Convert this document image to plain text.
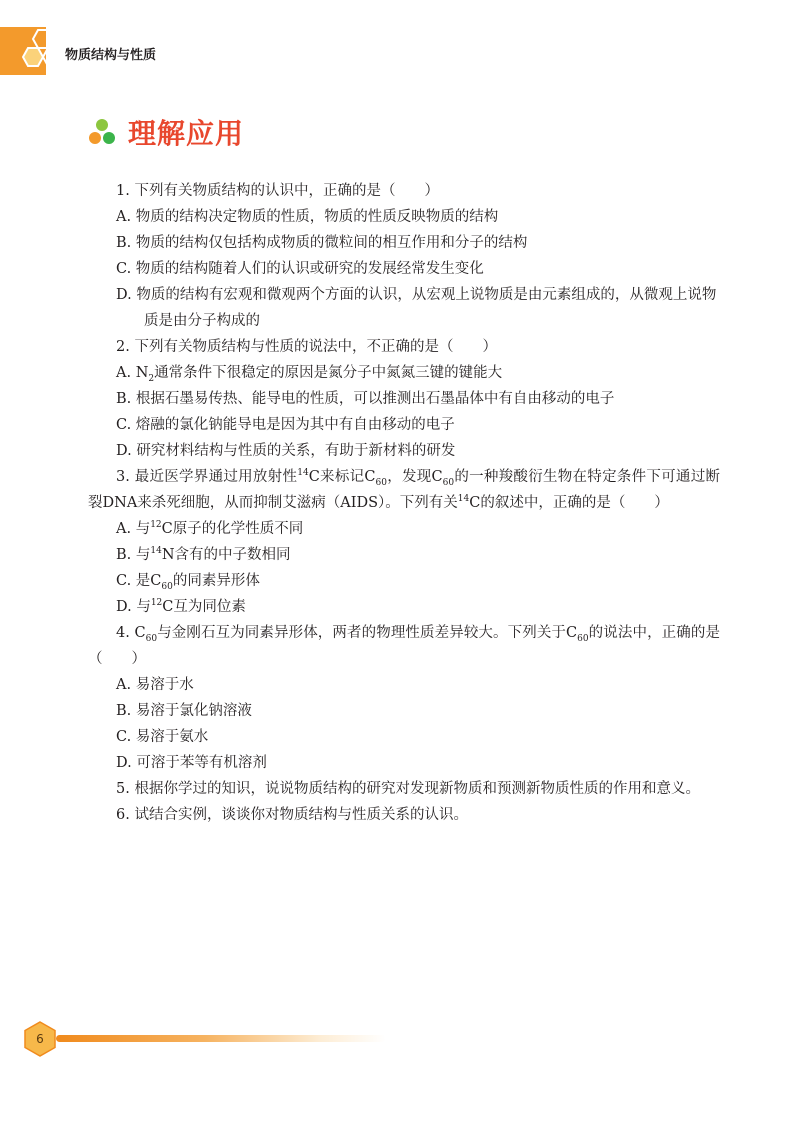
物质结构与性质
理解应用
1. 下列有关物质结构的认识中，正确的是（　　）
A. 物质的结构决定物质的性质，物质的性质反映物质的结构
B. 物质的结构仅包括构成物质的微粒间的相互作用和分子的结构
C. 物质的结构随着人们的认识或研究的发展经常发生变化
D. 物质的结构有宏观和微观两个方面的认识，从宏观上说物质是由元素组成的，从微观上说物质是由分子构成的
2. 下列有关物质结构与性质的说法中，不正确的是（　　）
A. $N_2$通常条件下很稳定的原因是氮分子中氮氮三键的键能大
B. 根据石墨易传热、能导电的性质，可以推测出石墨晶体中有自由移动的电子
C. 熔融的氯化钠能导电是因为其中有自由移动的电子
D. 研究材料结构与性质的关系，有助于新材料的研发
3. 最近医学界通过用放射性$^{14}$C来标记$C_{60}$，发现$C_{60}$的一种羧酸衍生物在特定条件下可通过断裂DNA来杀死细胞，从而抑制艾滋病（AIDS）。下列有关$^{14}$C的叙述中，正确的是（　　）
A. 与$^{12}$C原子的化学性质不同
B. 与$^{14}$N含有的中子数相同
C. 是$C_{60}$的同素异形体
D. 与$^{12}$C互为同位素
4. $C_{60}$与金刚石互为同素异形体，两者的物理性质差异较大。下列关于$C_{60}$的说法中，正确的是（　　）
A. 易溶于水
B. 易溶于氯化钠溶液
C. 易溶于氨水
D. 可溶于苯等有机溶剂
5. 根据你学过的知识，说说物质结构的研究对发现新物质和预测新物质性质的作用和意义。
6. 试结合实例，谈谈你对物质结构与性质关系的认识。
6
